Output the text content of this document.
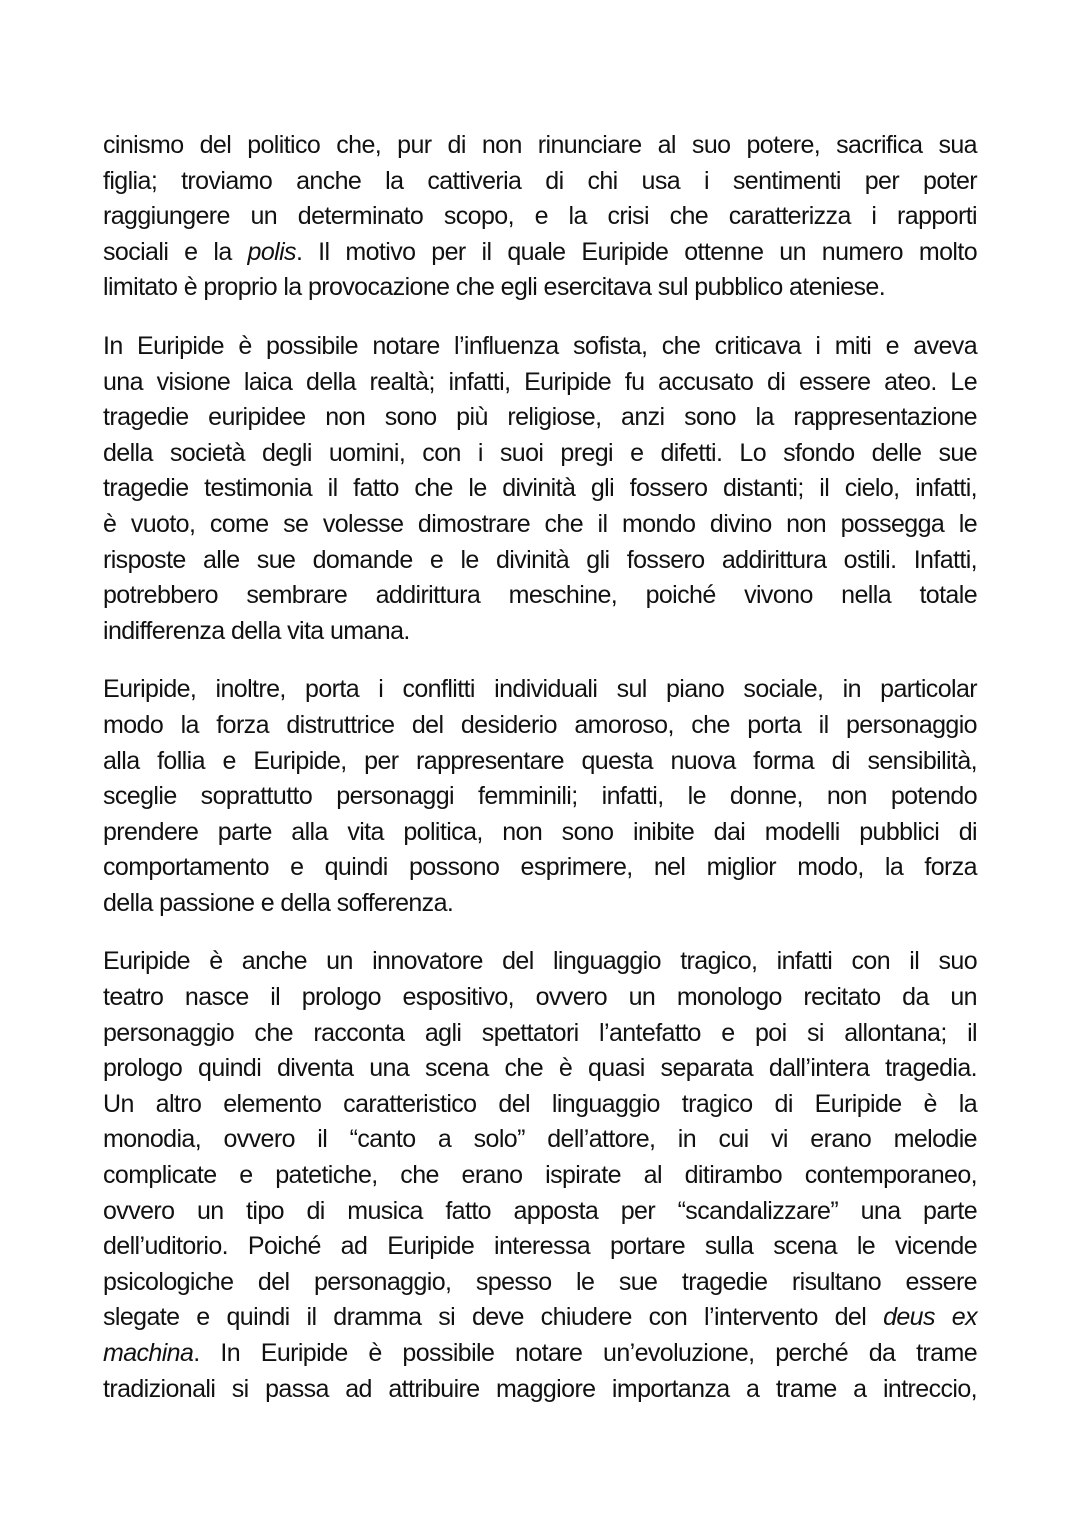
cinismo del politico che, pur di non rinunciare al suo potere, sacrifica sua
figlia; troviamo anche la cattiveria di chi usa i sentimenti per poter
raggiungere un determinato scopo, e la crisi che caratterizza i rapporti
sociali e la polis. Il motivo per il quale Euripide ottenne un numero molto
limitato è proprio la provocazione che egli esercitava sul pubblico ateniese.

In Euripide è possibile notare l’influenza sofista, che criticava i miti e aveva
una visione laica della realtà; infatti, Euripide fu accusato di essere ateo. Le
tragedie euripidee non sono più religiose, anzi sono la rappresentazione
della società degli uomini, con i suoi pregi e difetti. Lo sfondo delle sue
tragedie testimonia il fatto che le divinità gli fossero distanti; il cielo, infatti,
è vuoto, come se volesse dimostrare che il mondo divino non possegga le
risposte alle sue domande e le divinità gli fossero addirittura ostili. Infatti,
potrebbero sembrare addirittura meschine, poiché vivono nella totale
indifferenza della vita umana.

Euripide, inoltre, porta i conflitti individuali sul piano sociale, in particolar
modo la forza distruttrice del desiderio amoroso, che porta il personaggio
alla follia e Euripide, per rappresentare questa nuova forma di sensibilità,
sceglie soprattutto personaggi femminili; infatti, le donne, non potendo
prendere parte alla vita politica, non sono inibite dai modelli pubblici di
comportamento e quindi possono esprimere, nel miglior modo, la forza
della passione e della sofferenza.

Euripide è anche un innovatore del linguaggio tragico, infatti con il suo
teatro nasce il prologo espositivo, ovvero un monologo recitato da un
personaggio che racconta agli spettatori l’antefatto e poi si allontana; il
prologo quindi diventa una scena che è quasi separata dall’intera tragedia.
Un altro elemento caratteristico del linguaggio tragico di Euripide è la
monodia, ovvero il “canto a solo” dell’attore, in cui vi erano melodie
complicate e patetiche, che erano ispirate al ditirambo contemporaneo,
ovvero un tipo di musica fatto apposta per “scandalizzare” una parte
dell’uditorio. Poiché ad Euripide interessa portare sulla scena le vicende
psicologiche del personaggio, spesso le sue tragedie risultano essere
slegate e quindi il dramma si deve chiudere con l’intervento del deus ex
machina. In Euripide è possibile notare un’evoluzione, perché da trame
tradizionali si passa ad attribuire maggiore importanza a trame a intreccio,
